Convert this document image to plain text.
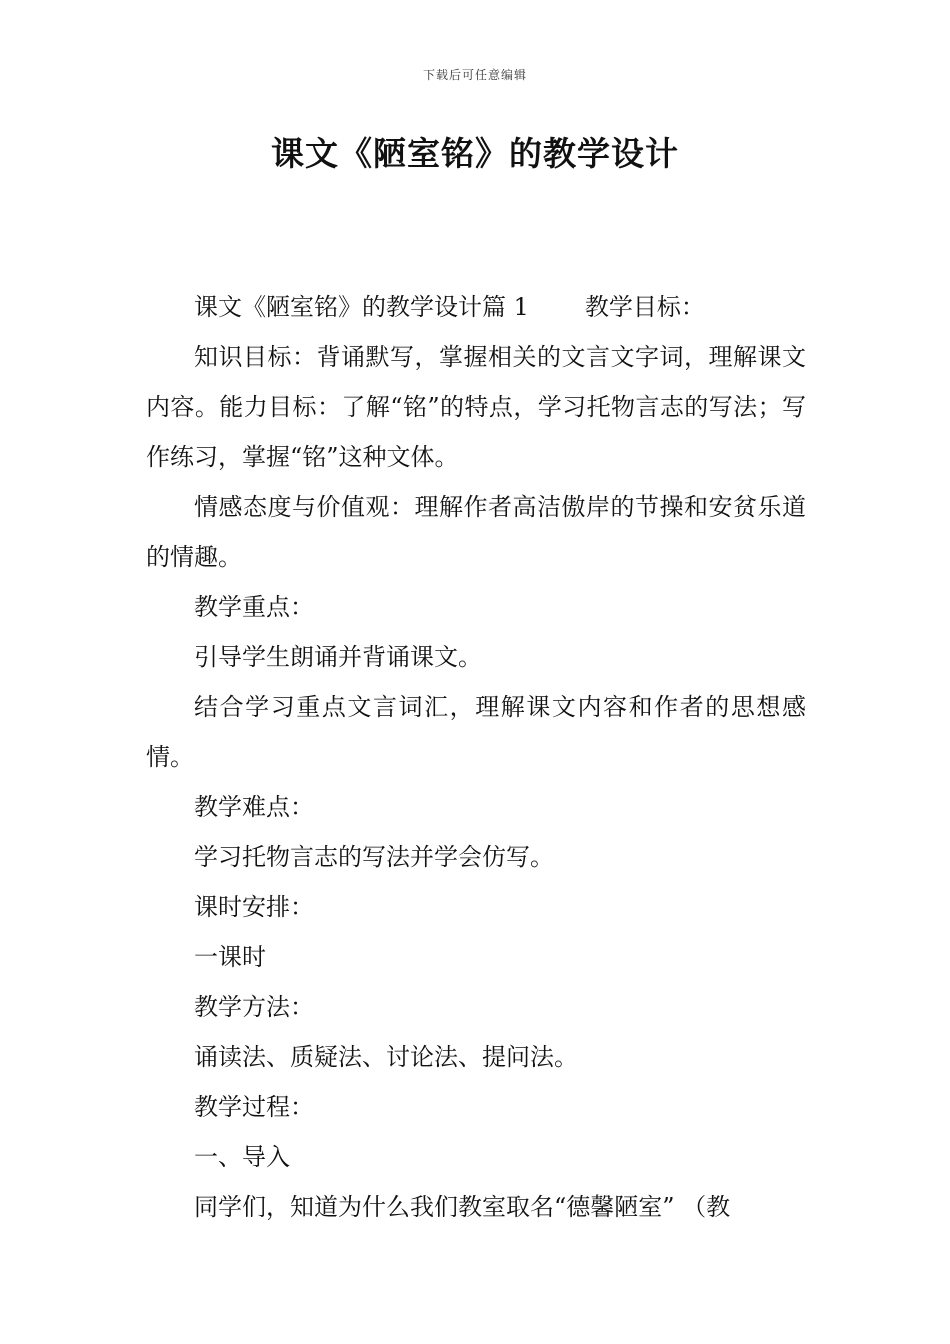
下载后可任意编辑
课文《陋室铭》的教学设计

课文《陋室铭》的教学设计篇 1 教学目标：

知识目标：背诵默写，掌握相关的文言文字词，理解课文内容。能力目标：了解“铭”的特点，学习托物言志的写法；写作练习，掌握“铭”这种文体。

情感态度与价值观：理解作者高洁傲岸的节操和安贫乐道的情趣。

教学重点：

引导学生朗诵并背诵课文。

结合学习重点文言词汇，理解课文内容和作者的思想感情。

教学难点：

学习托物言志的写法并学会仿写。

课时安排：

一课时

教学方法：

诵读法、质疑法、讨论法、提问法。

教学过程：

一、导入

同学们，知道为什么我们教室取名“德馨陋室” （教
